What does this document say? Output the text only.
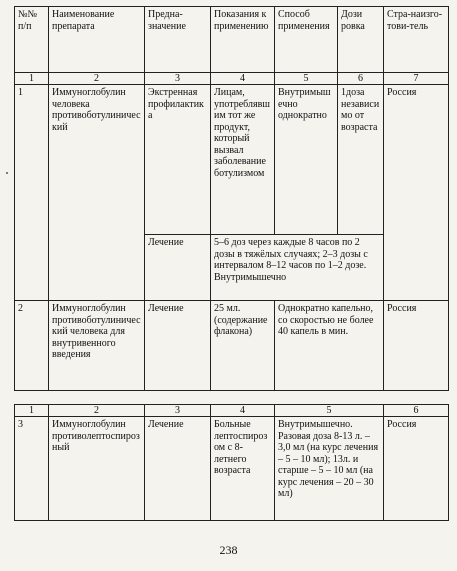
№№ п/п	Наименование препарата	Предна-значение	Показания к применению	Способ применения	Дози ровка	Стра-наизго-тови-тель
1	2	3	4	5	6	7
1	Иммуноглобулин человека противоботулинический	Экстренная профилактика	Лицам, употреблявшим тот же продукт, который вызвал заболевание ботулизмом	Внутримышечно однократно	1доза независимо от возраста	Россия
		Лечение	5–6 доз через каждые 8 часов по 2 дозы в тяжёлых случаях; 2–3 дозы с интервалом 8–12 часов по 1–2 дозе. Внутримышечно			
2	Иммуноглобулин противоботулинический человека для внутривенного введения	Лечение	25 мл. (содержание флакона)	Однократно капельно, со скоростью не более 40 капель в мин.		Россия
1	2	3	4	5	6
3	Иммуноглобулин противолептоспирозный	Лечение	Больные лептоспирозом с 8-летнего возраста	Внутримышечно. Разовая доза 8-13 л. – 3,0 мл (на курс лечения – 5 – 10 мл); 13л. и старше – 5 – 10 мл (на курс лечения – 20 – 30 мл)	Россия
238
